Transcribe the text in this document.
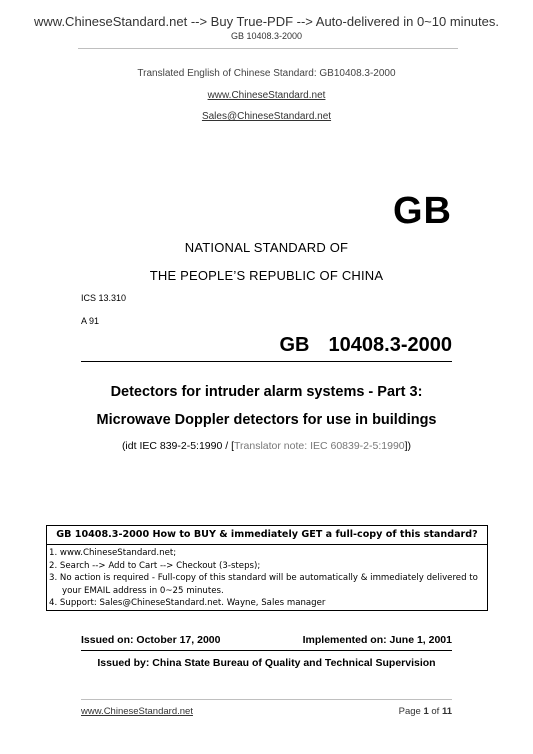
www.ChineseStandard.net --> Buy True-PDF --> Auto-delivered in 0~10 minutes.
GB 10408.3-2000
Translated English of Chinese Standard: GB10408.3-2000
www.ChineseStandard.net
Sales@ChineseStandard.net
GB
NATIONAL STANDARD OF
THE PEOPLE’S REPUBLIC OF CHINA
ICS 13.310
A 91
GB  10408.3-2000
Detectors for intruder alarm systems - Part 3:
Microwave Doppler detectors for use in buildings
(idt IEC 839-2-5:1990 / [Translator note: IEC 60839-2-5:1990])
GB 10408.3-2000 How to BUY & immediately GET a full-copy of this standard?
1. www.ChineseStandard.net;
2. Search --> Add to Cart --> Checkout (3-steps);
3. No action is required - Full-copy of this standard will be automatically & immediately delivered to
your EMAIL address in 0~25 minutes.
4. Support: Sales@ChineseStandard.net. Wayne, Sales manager
Issued on: October 17, 2000	Implemented on: June 1, 2001
Issued by: China State Bureau of Quality and Technical Supervision
www.ChineseStandard.net	Page 1 of 11
